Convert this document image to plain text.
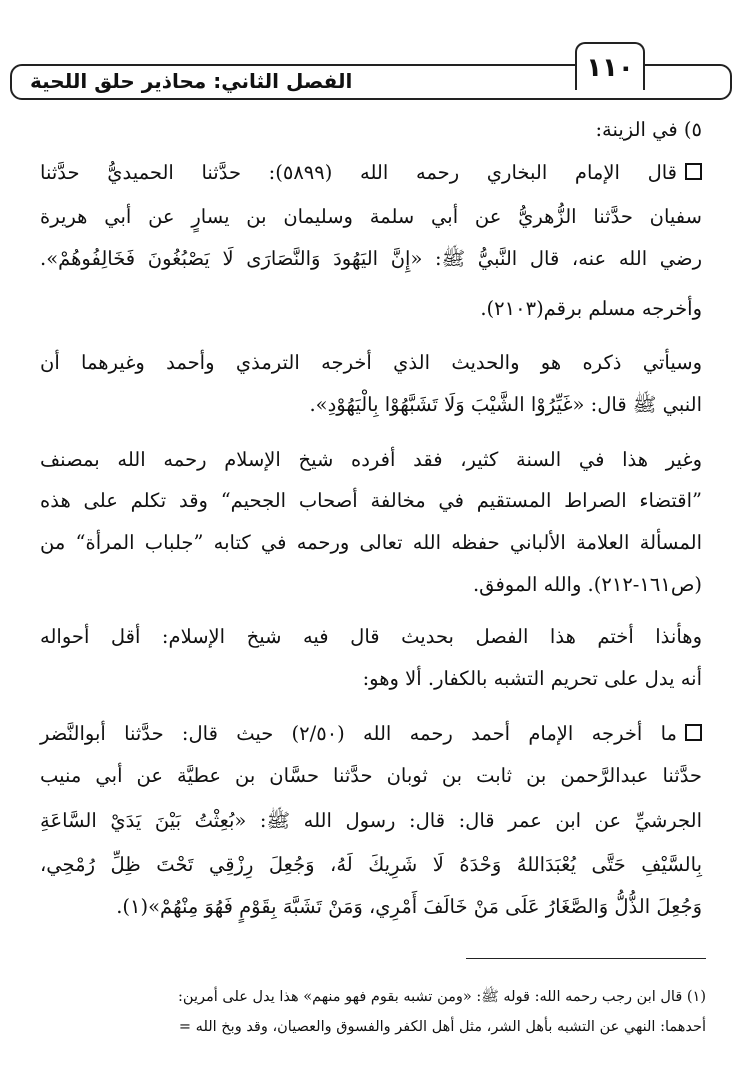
الفصل الثاني: محاذير حلق اللحية	١١٠
٥) في الزينة:
قال الإمام البخاري رحمه الله (٥٨٩٩): حدَّثنا الحميديُّ حدَّثنا
سفيان حدَّثنا الزُّهريُّ عن أبي سلمة وسليمان بن يسارٍ عن أبي هريرة
رضي الله عنه، قال النَّبيُّ ﷺ: «إِنَّ اليَهُودَ وَالنَّصَارَى لَا يَصْبُغُونَ فَخَالِفُوهُمْ».
وأخرجه مسلم برقم(٢١٠٣).
وسيأتي ذكره هو والحديث الذي أخرجه الترمذي وأحمد وغيرهما أن
النبي ﷺ قال: «غَيِّرُوْا الشَّيْبَ وَلَا تَشَبَّهُوْا بِالْيَهُوْدِ».
وغير هذا في السنة كثير، فقد أفرده شيخ الإسلام رحمه الله بمصنف
”اقتضاء الصراط المستقيم في مخالفة أصحاب الجحيم“ وقد تكلم على هذه
المسألة العلامة الألباني حفظه الله تعالى ورحمه في كتابه ”جلباب المرأة“ من
(ص١٦١-٢١٢). والله الموفق.
وهأنذا أختم هذا الفصل بحديث قال فيه شيخ الإسلام: أقل أحواله
أنه يدل على تحريم التشبه بالكفار. ألا وهو:
ما أخرجه الإمام أحمد رحمه الله (٢/٥٠) حيث قال: حدَّثنا أبوالنَّضر
حدَّثنا عبدالرَّحمن بن ثابت بن ثوبان حدَّثنا حسَّان بن عطيَّة عن أبي منيب
الجرشيِّ عن ابن عمر قال: قال: رسول الله ﷺ: «بُعِثْتُ بَيْنَ يَدَيْ السَّاعَةِ
بِالسَّيْفِ حَتَّى يُعْبَدَاللهُ وَحْدَهُ لَا شَرِيكَ لَهُ، وَجُعِلَ رِزْقِي تَحْتَ ظِلِّ رُمْحِي،
وَجُعِلَ الذُّلُّ وَالصَّغَارُ عَلَى مَنْ خَالَفَ أَمْرِي، وَمَنْ تَشَبَّهَ بِقَوْمٍ فَهُوَ مِنْهُمْ»(١).
(١) قال ابن رجب رحمه الله: قوله ﷺ: «ومن تشبه بقوم فهو منهم» هذا يدل على أمرين:
أحدهما: النهي عن التشبه بأهل الشر، مثل أهل الكفر والفسوق والعصيان، وقد وبخ الله =
